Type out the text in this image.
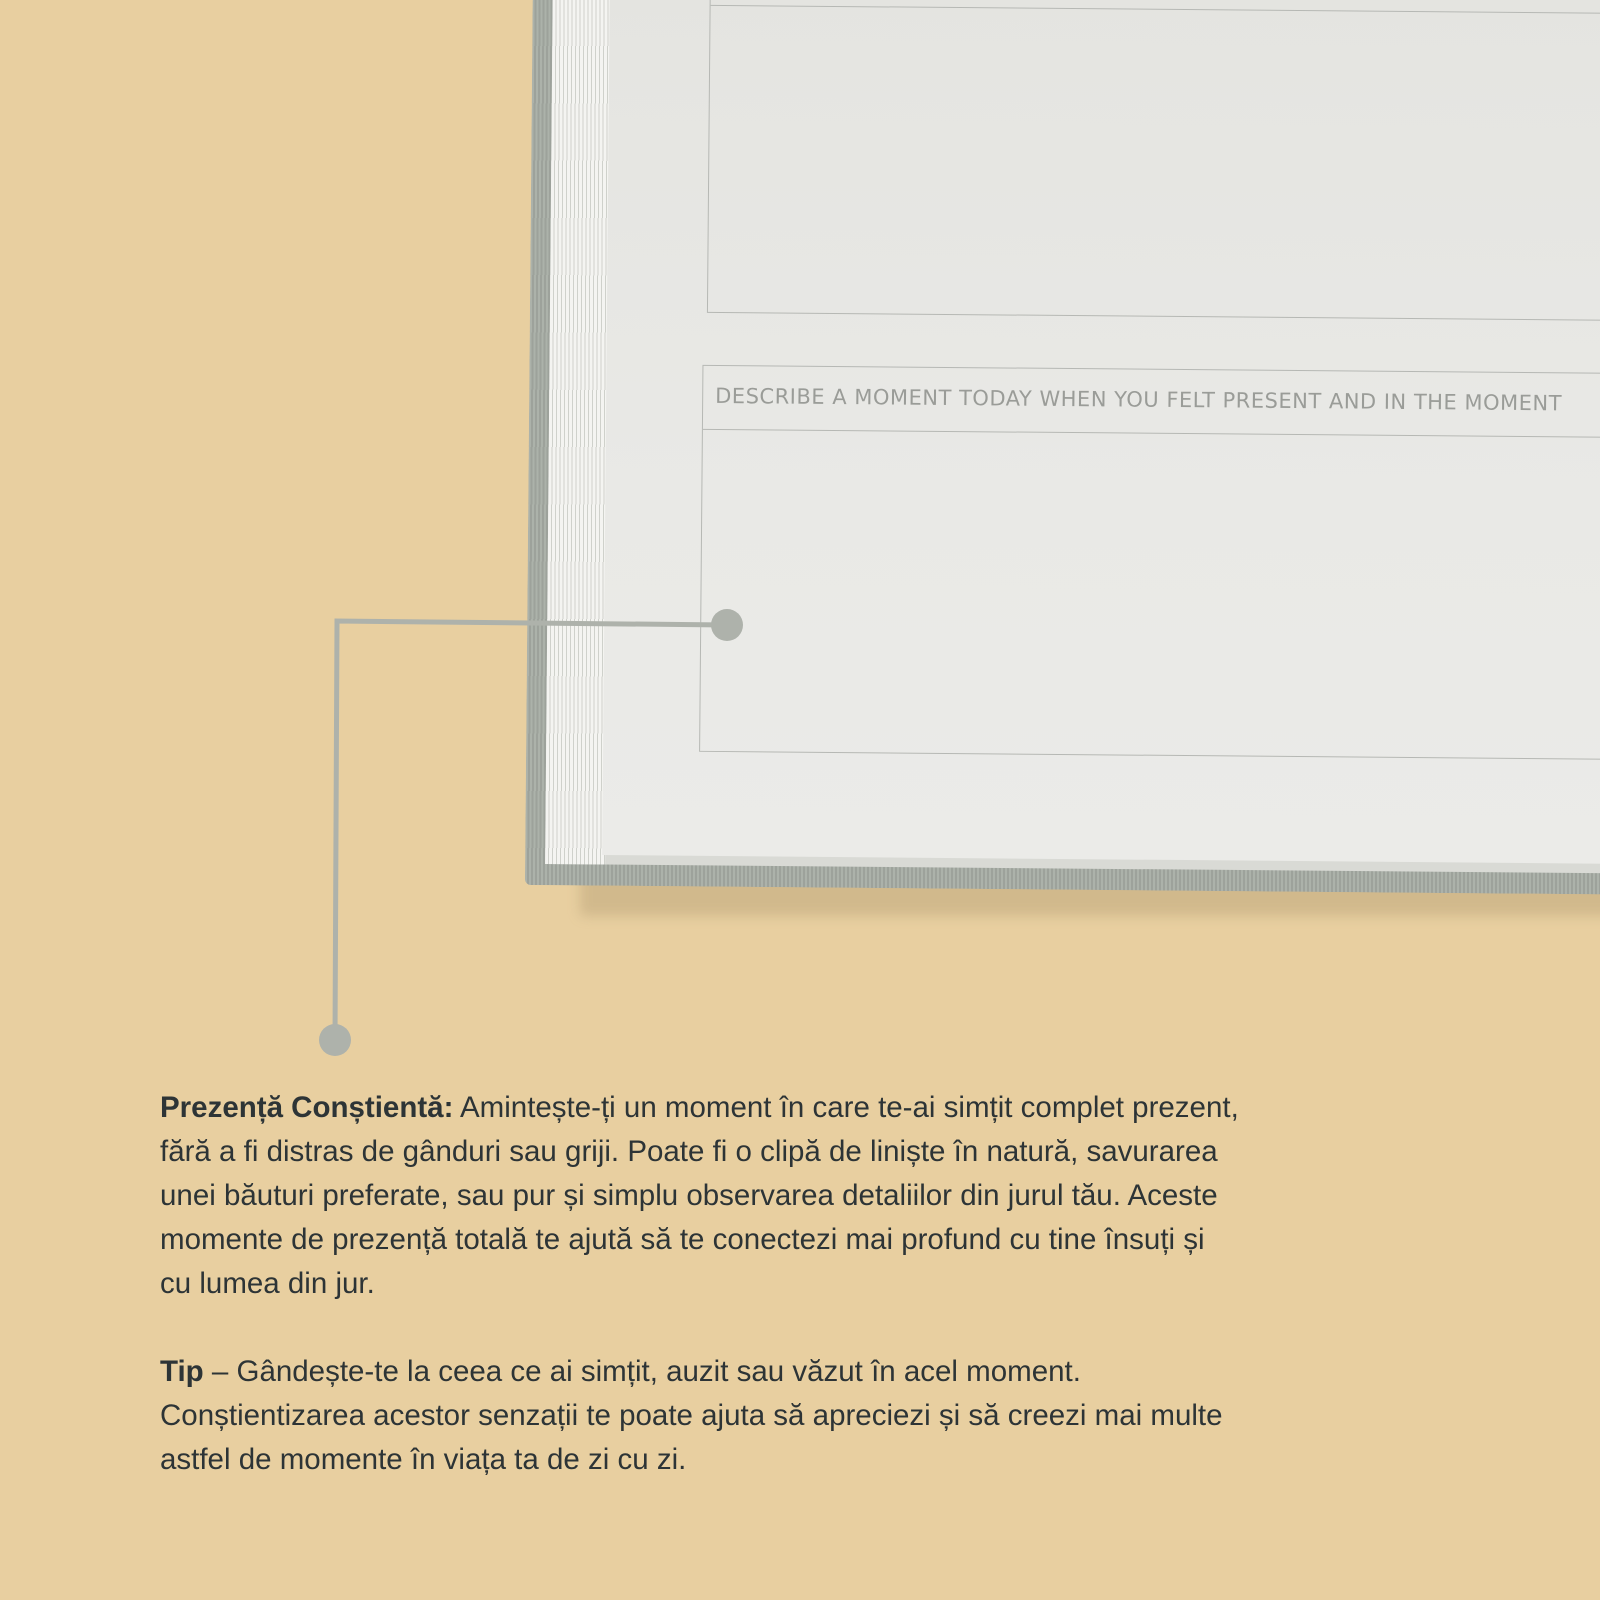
DESCRIBE A MOMENT TODAY WHEN YOU FELT PRESENT AND IN THE MOMENT

Prezență Conștientă: Amintește-ți un moment în care te-ai simțit complet prezent, fără a fi distras de gânduri sau griji. Poate fi o clipă de liniște în natură, savurarea unei băuturi preferate, sau pur și simplu observarea detaliilor din jurul tău. Aceste momente de prezență totală te ajută să te conectezi mai profund cu tine însuți și cu lumea din jur.

Tip – Gândește-te la ceea ce ai simțit, auzit sau văzut în acel moment. Conștientizarea acestor senzații te poate ajuta să apreciezi și să creezi mai multe astfel de momente în viața ta de zi cu zi.
